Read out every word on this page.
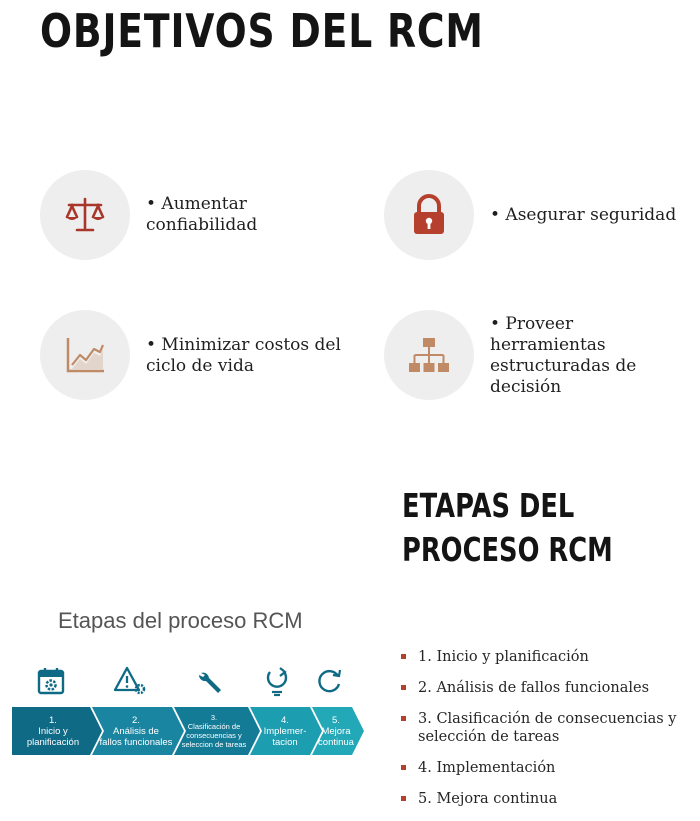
OBJETIVOS DEL RCM
• Aumentar confiabilidad	• Asegurar seguridad
• Minimizar costos del ciclo de vida
• Proveer herramientas estructuradas de decisión
ETAPAS DEL PROCESO RCM
Etapas del proceso RCM
1.
Inicio y
planificación
2.
Análisis de
fallos funcionales
3.
Clasificación de
consecuencias y
seleccion de tareas
4.
Implemer-
tacion
5.
Mejora
continua
1. Inicio y planificación
2. Análisis de fallos funcionales
3. Clasificación de consecuencias y selección de tareas
4. Implementación
5. Mejora continua
